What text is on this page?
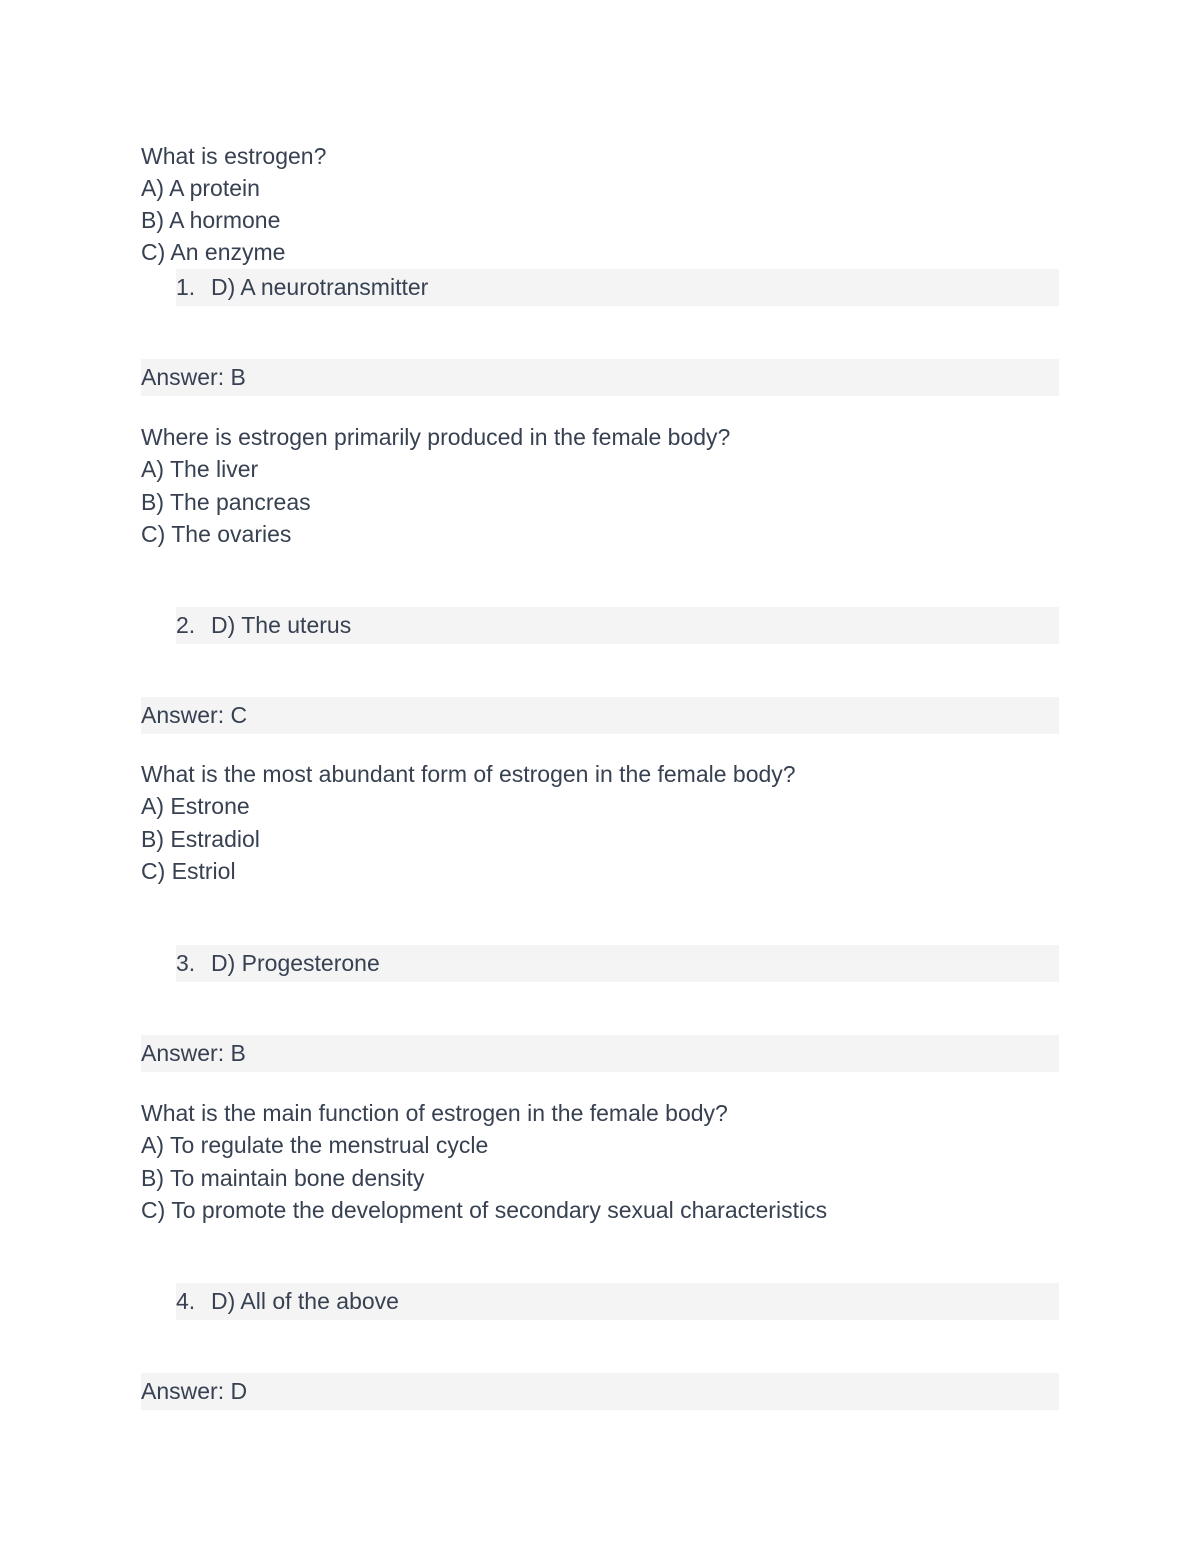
What is estrogen?
A) A protein
B) A hormone
C) An enzyme
1. D) A neurotransmitter
Answer: B
Where is estrogen primarily produced in the female body?
A) The liver
B) The pancreas
C) The ovaries
2. D) The uterus
Answer: C
What is the most abundant form of estrogen in the female body?
A) Estrone
B) Estradiol
C) Estriol
3. D) Progesterone
Answer: B
What is the main function of estrogen in the female body?
A) To regulate the menstrual cycle
B) To maintain bone density
C) To promote the development of secondary sexual characteristics
4. D) All of the above
Answer: D
